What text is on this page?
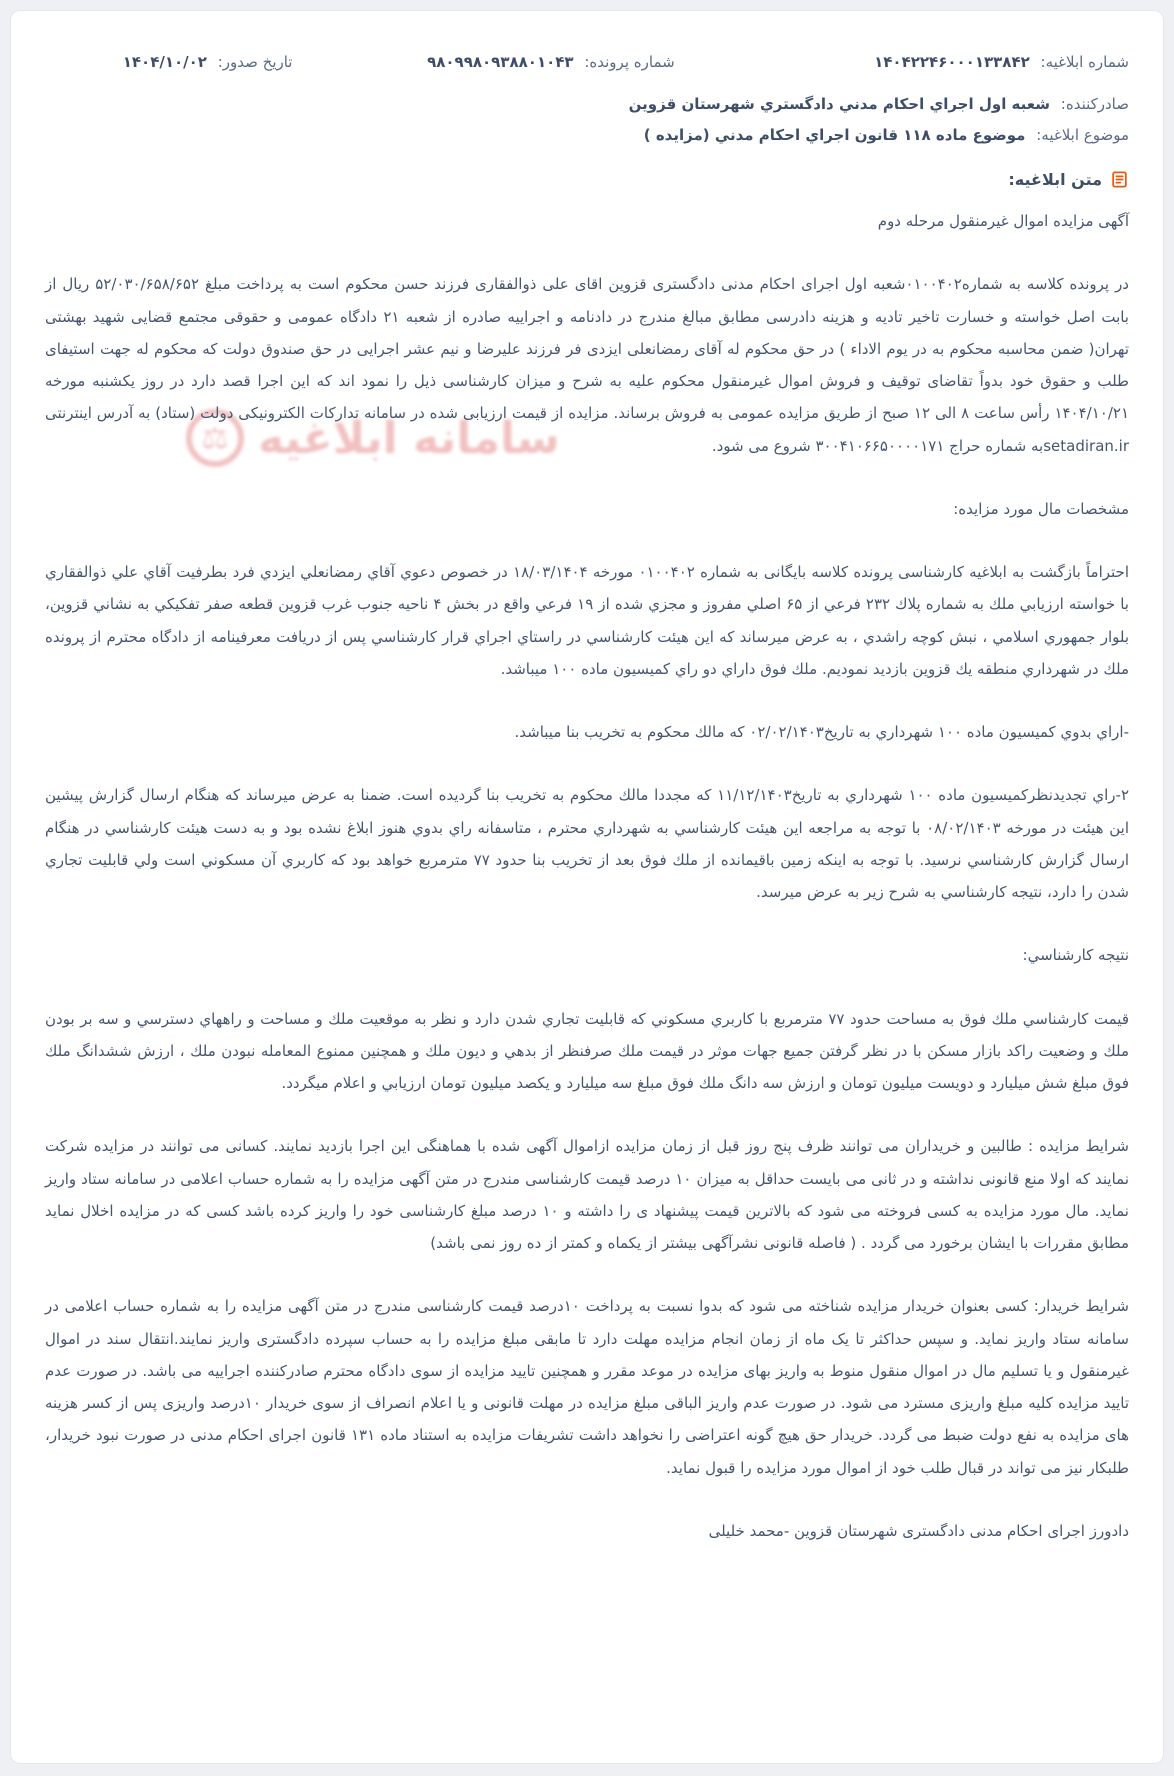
⚖ سامانه ابلاغیه
شماره ابلاغیه: ۱۴۰۴۲۲۴۶۰۰۰۱۳۳۸۴۲
شماره پرونده: ۹۸۰۹۹۸۰۹۳۸۸۰۱۰۴۳
تاریخ صدور: ۱۴۰۴/۱۰/۰۲
صادرکننده: شعبه اول اجراي احکام مدني دادگستري شهرستان قزوین
موضوع ابلاغیه: موضوع ماده ۱۱۸ قانون اجراي احکام مدني (مزایده )
متن ابلاغیه:

آگهی مزایده اموال غیرمنقول مرحله دوم

در پرونده کلاسه به شماره۰۱۰۰۴۰۲شعبه اول اجرای احکام مدنی دادگستری قزوین اقای علی ذوالفقاری فرزند حسن محکوم است به پرداخت مبلغ ۵۲/۰۳۰/۶۵۸/۶۵۲ ریال از بابت اصل خواسته و خسارت تاخیر تادیه و هزینه دادرسی مطابق مبالغ مندرج در دادنامه و اجراییه صادره از شعبه ۲۱ دادگاه عمومی و حقوقی مجتمع قضایی شهید بهشتی تهران( ضمن محاسبه محکوم به در یوم الاداء ) در حق محکوم له آقای رمضانعلی ایزدی فر فرزند علیرضا و نیم عشر اجرایی در حق صندوق دولت که محکوم له جهت استیفای طلب و حقوق خود بدواً تقاضای توقیف و فروش اموال غیرمنقول محکوم علیه به شرح و میزان کارشناسی ذیل را نمود اند که این اجرا قصد دارد در روز یکشنبه مورخه ۱۴۰۴/۱۰/۲۱ رأس ساعت ۸ الی ۱۲ صبح از طریق مزایده عمومی به فروش برساند. مزایده از قیمت ارزیابی شده در سامانه تدارکات الکترونیکی دولت (ستاد) به آدرس اینترنتی setadiran.irبه شماره حراج ۳۰۰۴۱۰۶۶۵۰۰۰۰۱۷۱ شروع می شود.

مشخصات مال مورد مزایده:

احتراماً بازگشت به ابلاغیه کارشناسی پرونده کلاسه بایگانی به شماره ۰۱۰۰۴۰۲ مورخه ۱۸/۰۳/۱۴۰۴ در خصوص دعوي آقاي رمضانعلي ایزدي فرد بطرفیت آقاي علي ذوالفقاري با خواسته ارزیابي ملك به شماره پلاك ۲۳۲ فرعي از ۶۵ اصلي مفروز و مجزي شده از ۱۹ فرعي واقع در بخش ۴ ناحیه جنوب غرب قزوین قطعه صفر تفکیکي به نشاني قزوین، بلوار جمهوري اسلامي ، نبش کوچه راشدي ، به عرض میرساند که این هیئت کارشناسي در راستاي اجراي قرار کارشناسي پس از دریافت معرفینامه از دادگاه محترم از پرونده ملك در شهرداري منطقه یك قزوین بازدید نمودیم. ملك فوق داراي دو راي کمیسیون ماده ۱۰۰ میباشد.

-اراي بدوي کمیسیون ماده ۱۰۰ شهرداري به تاریخ۰۲/۰۲/۱۴۰۳ که مالك محکوم به تخریب بنا میباشد.

۲-راي تجدیدنظرکمیسیون ماده ۱۰۰ شهرداري به تاریخ۱۱/۱۲/۱۴۰۳ که مجددا مالك محکوم به تخریب بنا گردیده است. ضمنا به عرض میرساند که هنگام ارسال گزارش پیشین این هیئت در مورخه ۰۸/۰۲/۱۴۰۳ با توجه به مراجعه این هیئت کارشناسي به شهرداري محترم ، متاسفانه راي بدوي هنوز ابلاغ نشده بود و به دست هیئت کارشناسي در هنگام ارسال گزارش کارشناسي نرسید. با توجه به اینکه زمین باقیمانده از ملك فوق بعد از تخریب بنا حدود ۷۷ مترمربع خواهد بود که کاربري آن مسکوني است ولي قابلیت تجاري شدن را دارد، نتیجه کارشناسي به شرح زیر به عرض میرسد.

نتیجه کارشناسي:

قیمت کارشناسي ملك فوق به مساحت حدود ۷۷ مترمربع با کاربري مسکوني که قابلیت تجاري شدن دارد و نظر به موقعیت ملك و مساحت و راههاي دسترسي و سه بر بودن ملك و وضعیت راکد بازار مسکن با در نظر گرفتن جمیع جهات موثر در قیمت ملك صرفنظر از بدهي و دیون ملك و همچنین ممنوع المعامله نبودن ملك ، ارزش ششدانگ ملك فوق مبلغ شش میلیارد و دویست میلیون تومان و ارزش سه دانگ ملك فوق مبلغ سه میلیارد و یکصد میلیون تومان ارزیابي و اعلام میگردد.

شرایط مزایده : طالبین و خریداران می توانند ظرف پنج روز قبل از زمان مزایده ازاموال آگهی شده با هماهنگی این اجرا بازدید نمایند. کسانی می توانند در مزایده شرکت نمایند که اولا منع قانونی نداشته و در ثانی می بایست حداقل به میزان ۱۰ درصد قیمت کارشناسی مندرج در متن آگهی مزایده را به شماره حساب اعلامی در سامانه ستاد واریز نماید. مال مورد مزایده به کسی فروخته می شود که بالاترین قیمت پیشنهاد ی را داشته و ۱۰ درصد مبلغ کارشناسی خود را واریز کرده باشد کسی که در مزایده اخلال نماید مطابق مقررات با ایشان برخورد می گردد . ( فاصله قانونی نشرآگهی بیشتر از یکماه و کمتر از ده روز نمی باشد)

شرایط خریدار: کسی بعنوان خریدار مزایده شناخته می شود که بدوا نسبت به پرداخت ۱۰درصد قیمت کارشناسی مندرج در متن آگهی مزایده را به شماره حساب اعلامی در سامانه ستاد واریز نماید. و سپس حداکثر تا یک ماه از زمان انجام مزایده مهلت دارد تا مابقی مبلغ مزایده را به حساب سپرده دادگستری واریز نمایند.انتقال سند در اموال غیرمنقول و یا تسلیم مال در اموال منقول منوط به واریز بهای مزایده در موعد مقرر و همچنین تایید مزایده از سوی دادگاه محترم صادرکننده اجراییه می باشد. در صورت عدم تایید مزایده کلیه مبلغ واریزی مسترد می شود. در صورت عدم واریز الباقی مبلغ مزایده در مهلت قانونی و یا اعلام انصراف از سوی خریدار ۱۰درصد واریزی پس از کسر هزینه های مزایده به نفع دولت ضبط می گردد. خریدار حق هیچ گونه اعتراضی را نخواهد داشت تشریفات مزایده به استناد ماده ۱۳۱ قانون اجرای احکام مدنی در صورت نبود خریدار، طلبکار نیز می تواند در قبال طلب خود از اموال مورد مزایده را قبول نماید.

دادورز اجرای احکام مدنی دادگستری شهرستان قزوین -محمد خلیلی
